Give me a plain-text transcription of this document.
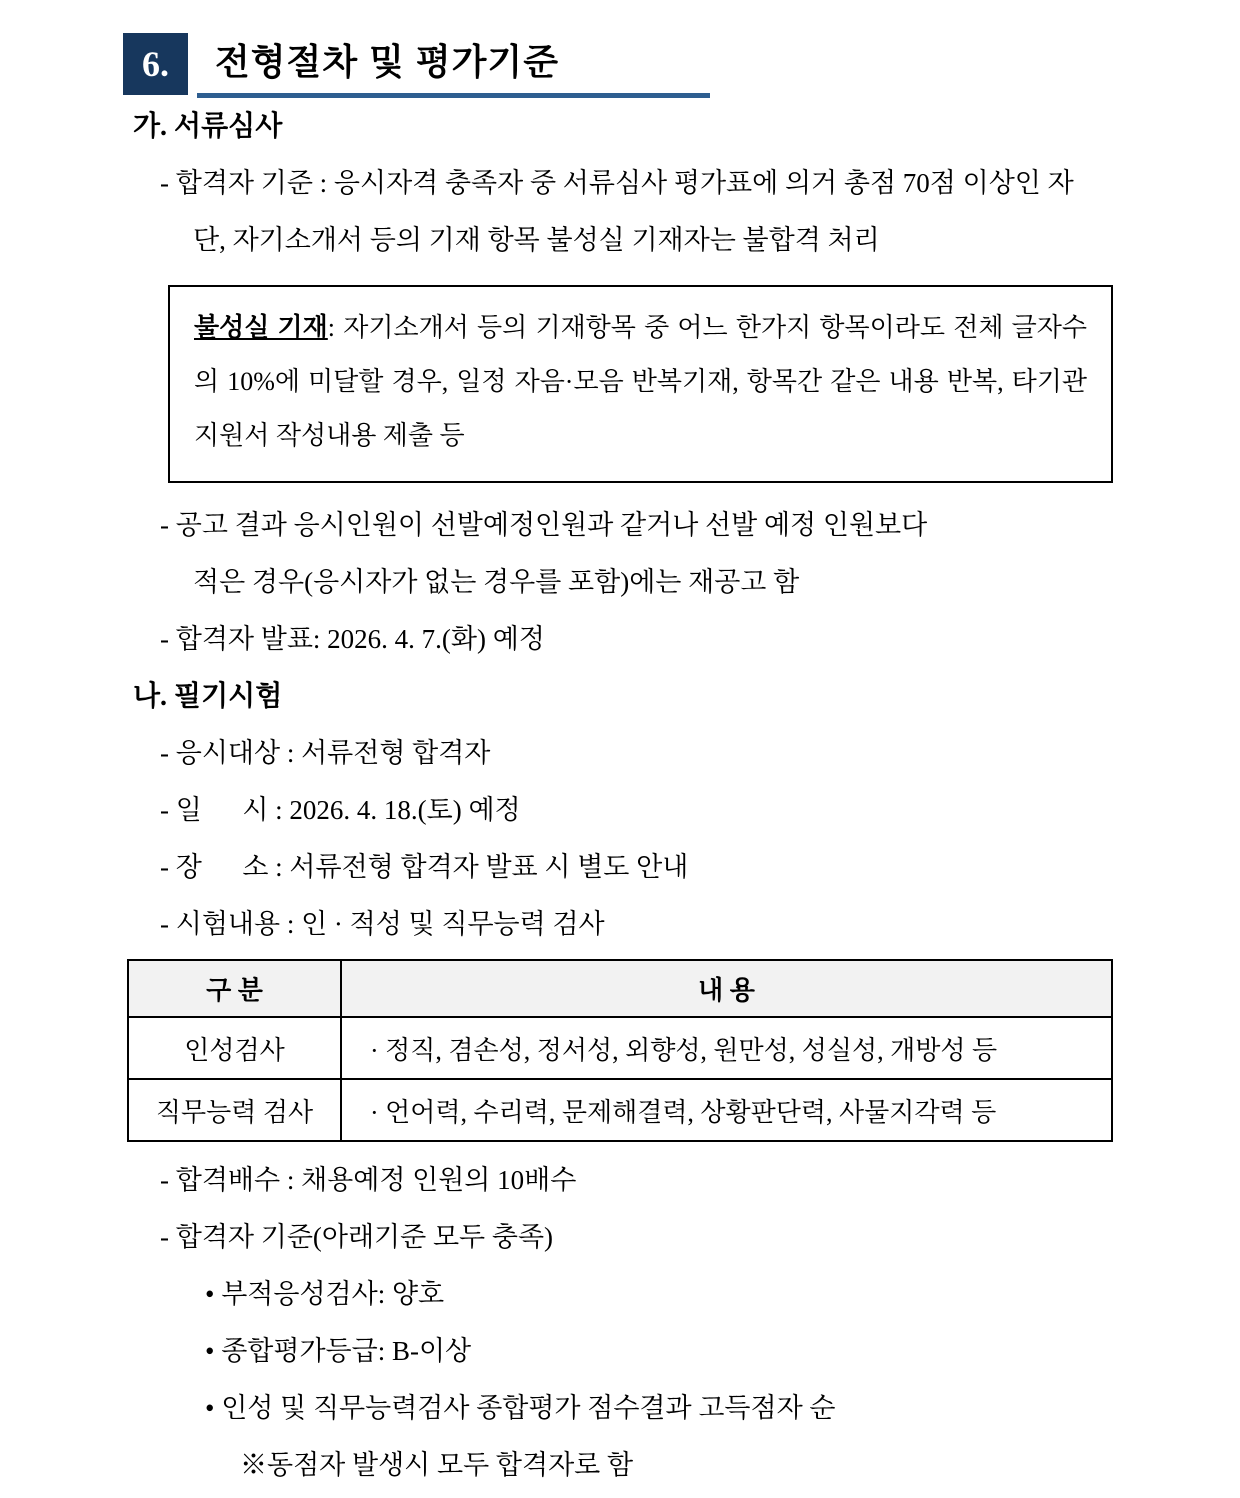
6.	전형절차 및 평가기준
가. 서류심사
- 합격자 기준 : 응시자격 충족자 중 서류심사 평가표에 의거 총점 70점 이상인 자
단, 자기소개서 등의 기재 항목 불성실 기재자는 불합격 처리

불성실 기재: 자기소개서 등의 기재항목 중 어느 한가지 항목이라도 전체 글자수의 10%에 미달할 경우, 일정 자음·모음 반복기재, 항목간 같은 내용 반복, 타기관 지원서 작성내용 제출 등

- 공고 결과 응시인원이 선발예정인원과 같거나 선발 예정 인원보다
적은 경우(응시자가 없는 경우를 포함)에는 재공고 함
- 합격자 발표: 2026. 4. 7.(화) 예정
나. 필기시험
- 응시대상 : 서류전형 합격자
- 일      시 : 2026. 4. 18.(토) 예정
- 장      소 : 서류전형 합격자 발표 시 별도 안내
- 시험내용 : 인 · 적성 및 직무능력 검사
구 분	내 용
인성검사	· 정직, 겸손성, 정서성, 외향성, 원만성, 성실성, 개방성 등
직무능력 검사	· 언어력, 수리력, 문제해결력, 상황판단력, 사물지각력 등
- 합격배수 : 채용예정 인원의 10배수
- 합격자 기준(아래기준 모두 충족)
• 부적응성검사: 양호
• 종합평가등급: B-이상
• 인성 및 직무능력검사 종합평가 점수결과 고득점자 순
※동점자 발생시 모두 합격자로 함
